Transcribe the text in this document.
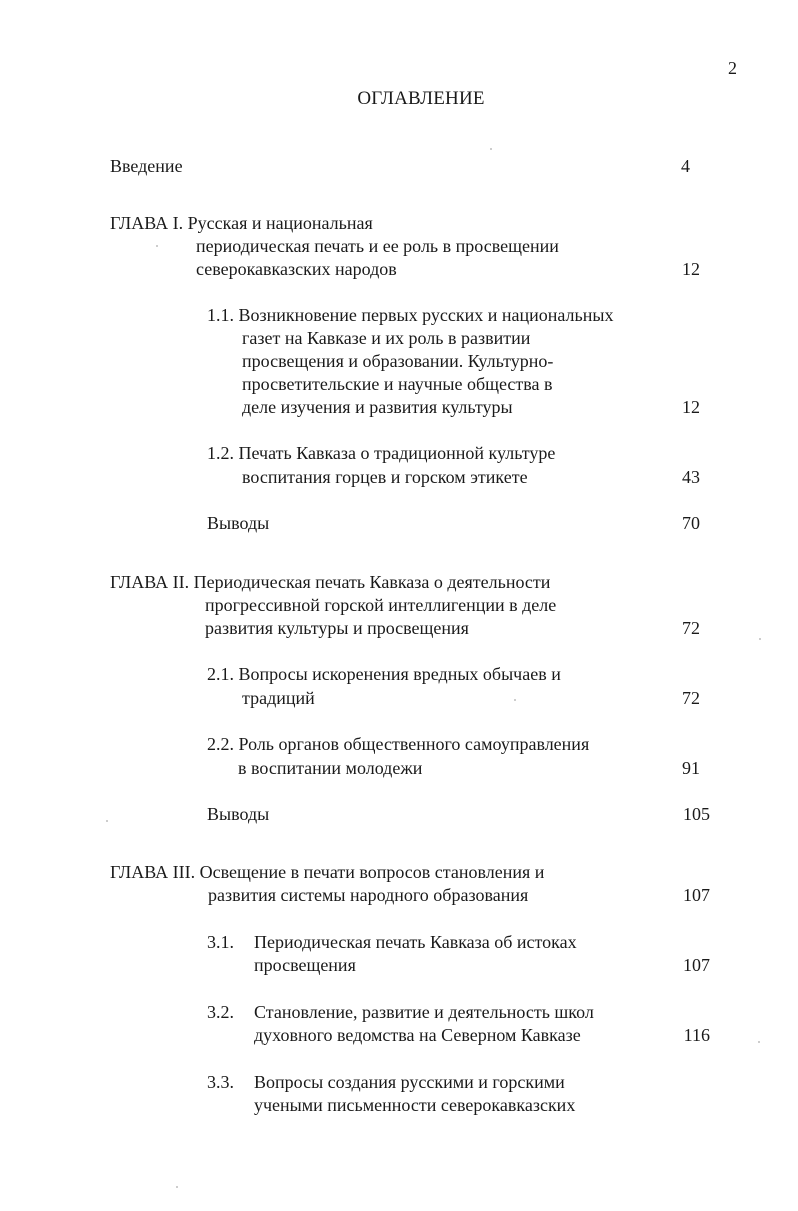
2
ОГЛАВЛЕНИЕ
Введение	4
ГЛАВА I. Русская и национальная
периодическая печать и ее роль в просвещении
северокавказских народов	12
1.1. Возникновение первых русских и национальных
газет на Кавказе и их роль в развитии
просвещения и образовании. Культурно-
просветительские и научные общества в
деле изучения и развития культуры	12
1.2. Печать Кавказа о традиционной культуре
воспитания горцев и горском этикете	43
Выводы	70
ГЛАВА II. Периодическая печать Кавказа о деятельности
прогрессивной горской интеллигенции в деле
развития культуры и просвещения	72
2.1. Вопросы искоренения вредных обычаев и
традиций	72
2.2. Роль органов общественного самоуправления
в воспитании молодежи	91
Выводы	105
ГЛАВА III. Освещение в печати вопросов становления и
развития системы народного образования	107
3.1. Периодическая печать Кавказа об истоках
просвещения	107
3.2. Становление, развитие и деятельность школ
духовного ведомства на Северном Кавказе	116
3.3. Вопросы создания русскими и горскими
учеными письменности северокавказских
